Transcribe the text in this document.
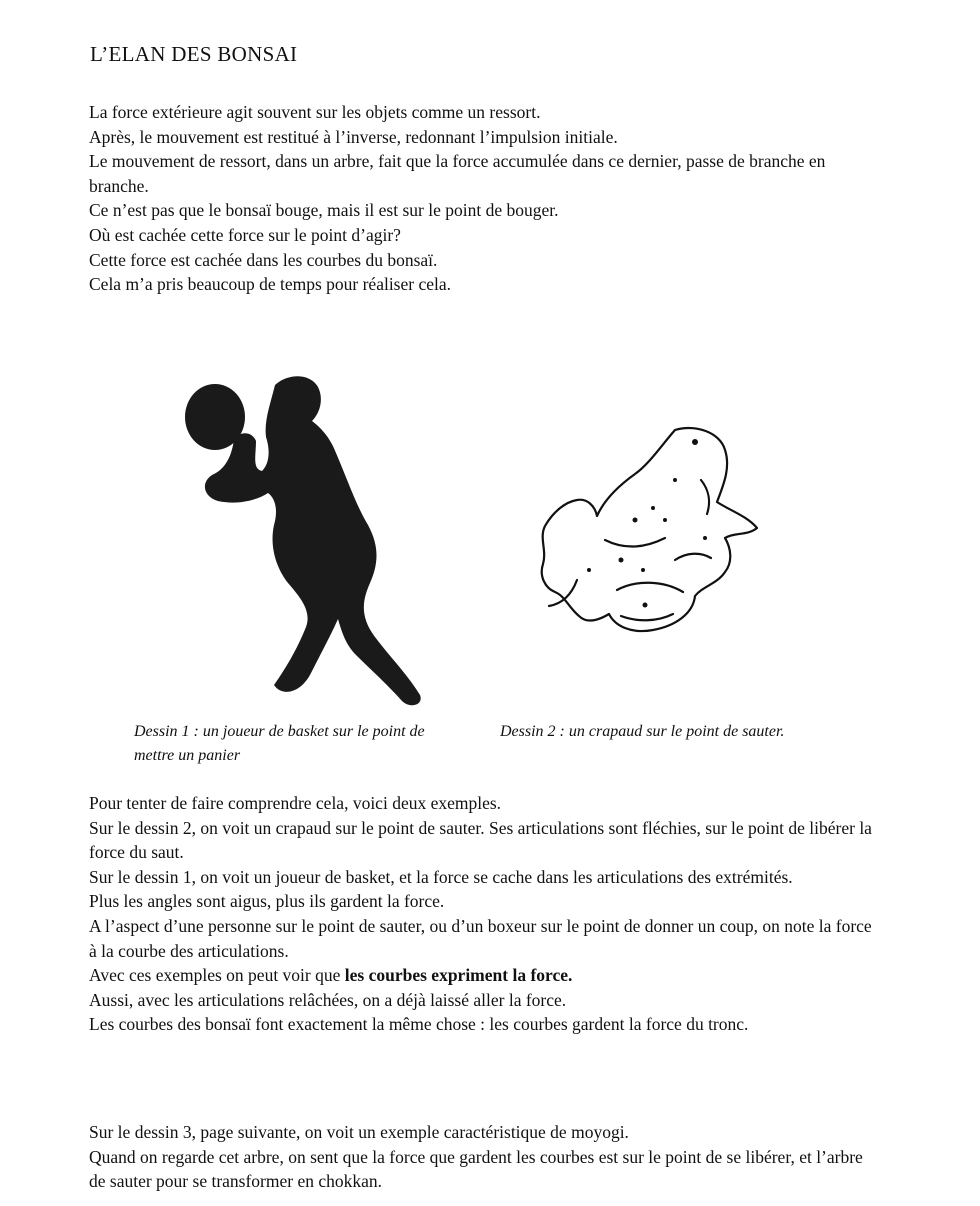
L’ELAN DES BONSAI

La force extérieure agit souvent sur les objets comme un ressort.

Après, le mouvement est restitué à l’inverse, redonnant l’impulsion initiale.

Le mouvement de ressort, dans un arbre, fait que la force accumulée dans ce dernier, passe de branche en branche.

Ce n’est pas que le bonsaï bouge, mais il est sur le point de bouger.

Où est cachée cette force sur le point d’agir?

Cette force est cachée dans les courbes du bonsaï.

Cela m’a pris beaucoup de temps pour réaliser cela.

Dessin 1 : un joueur de basket sur le point de mettre un panier
Dessin 2 : un crapaud sur le point de sauter.

Pour tenter de faire comprendre cela, voici deux exemples.

Sur le dessin 2, on voit un crapaud sur le point de sauter. Ses articulations sont fléchies, sur le point de libérer la force du saut.

Sur le dessin 1, on voit un joueur de basket, et la force se cache dans les articulations des extrémités.

Plus les angles sont aigus, plus ils gardent la force.

A l’aspect d’une personne sur le point de sauter, ou d’un boxeur sur le point de donner un coup, on note la force à la courbe des articulations.

Avec ces exemples on peut voir que les courbes expriment la force.

Aussi, avec les articulations relâchées, on a déjà laissé aller la force.

Les courbes des bonsaï font exactement la même chose : les courbes gardent la force du tronc.

Sur le dessin 3, page suivante, on voit un exemple caractéristique de moyogi.

Quand on regarde cet arbre, on sent que la force que gardent les courbes est sur le point de se libérer, et l’arbre de sauter pour se transformer en chokkan.
